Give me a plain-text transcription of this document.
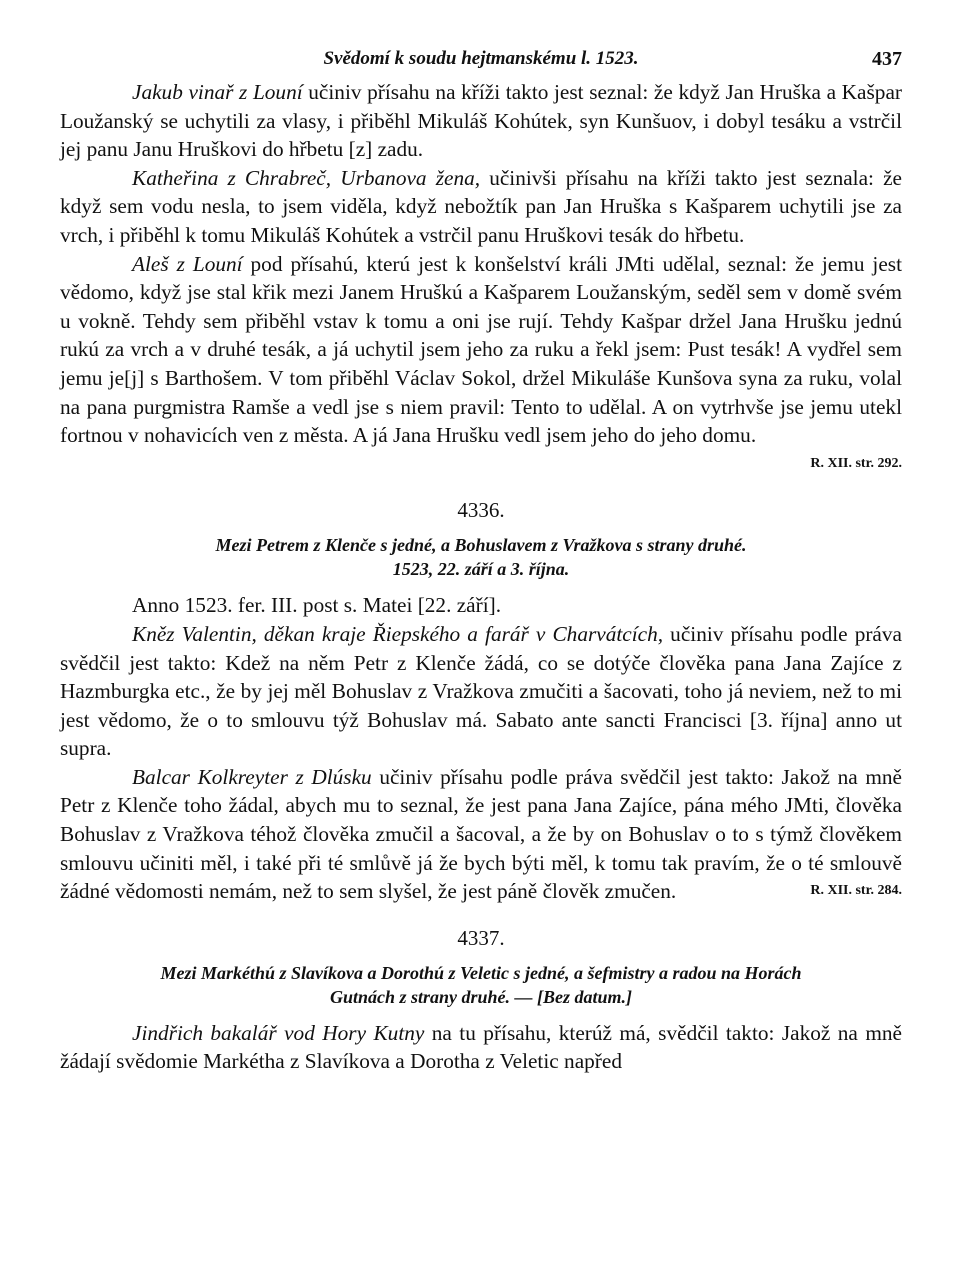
Svědomí k soudu hejtmanskému l. 1523.	437

Jakub vinař z Louní učiniv přísahu na kříži takto jest seznal: že když Jan Hruška a Kašpar Loužanský se uchytili za vlasy, i přiběhl Mikuláš Kohútek, syn Kunšuov, i dobyl tesáku a vstrčil jej panu Janu Hruškovi do hřbetu [z] zadu.

Katheřina z Chrabreč, Urbanova žena, učinivši přísahu na kříži takto jest seznala: že když sem vodu nesla, to jsem viděla, když nebožtík pan Jan Hruška s Kašparem uchytili jse za vrch, i přiběhl k tomu Mikuláš Kohútek a vstrčil panu Hruškovi tesák do hřbetu.

Aleš z Louní pod přísahú, kterú jest k konšelství králi JMti udělal, seznal: že jemu jest vědomo, když jse stal křik mezi Janem Hruškú a Kašparem Loužanským, seděl sem v domě svém u vokně. Tehdy sem přiběhl vstav k tomu a oni jse rují. Tehdy Kašpar držel Jana Hrušku jednú rukú za vrch a v druhé tesák, a já uchytil jsem jeho za ruku a řekl jsem: Pust tesák! A vydřel sem jemu je[j] s Barthošem. V tom přiběhl Václav Sokol, držel Mikuláše Kunšova syna za ruku, volal na pana purgmistra Ramše a vedl jse s niem pravil: Tento to udělal. A on vytrhvše jse jemu utekl fortnou v nohavicích ven z města. A já Jana Hrušku vedl jsem jeho do jeho domu.
R. XII. str. 292.

4336.
Mezi Petrem z Klenče s jedné, a Bohuslavem z Vražkova s strany druhé.
1523, 22. září a 3. října.

Anno 1523. fer. III. post s. Matei [22. září].

Kněz Valentin, děkan kraje Řiepského a farář v Charvátcích, učiniv přísahu podle práva svědčil jest takto: Kdež na něm Petr z Klenče žádá, co se dotýče člověka pana Jana Zajíce z Hazmburgka etc., že by jej měl Bohuslav z Vražkova zmučiti a šacovati, toho já neviem, než to mi jest vědomo, že o to smlouvu týž Bohuslav má. Sabato ante sancti Francisci [3. října] anno ut supra.

Balcar Kolkreyter z Dlúsku učiniv přísahu podle práva svědčil jest takto: Jakož na mně Petr z Klenče toho žádal, abych mu to seznal, že jest pana Jana Zajíce, pána mého JMti, člověka Bohuslav z Vražkova téhož člověka zmučil a šacoval, a že by on Bohuslav o to s týmž člověkem smlouvu učiniti měl, i také při té smlůvě já že bych býti měl, k tomu tak pravím, že o té smlouvě žádné vědomosti nemám, než to sem slyšel, že jest páně člověk zmučen.	R. XII. str. 284.

4337.
Mezi Markéthú z Slavíkova a Dorothú z Veletic s jedné, a šefmistry a radou na Horách
Gutnách z strany druhé. — [Bez datum.]

Jindřich bakalář vod Hory Kutny na tu přísahu, kterúž má, svědčil takto: Jakož na mně žádají svědomie Markétha z Slavíkova a Dorotha z Veletic napřed
